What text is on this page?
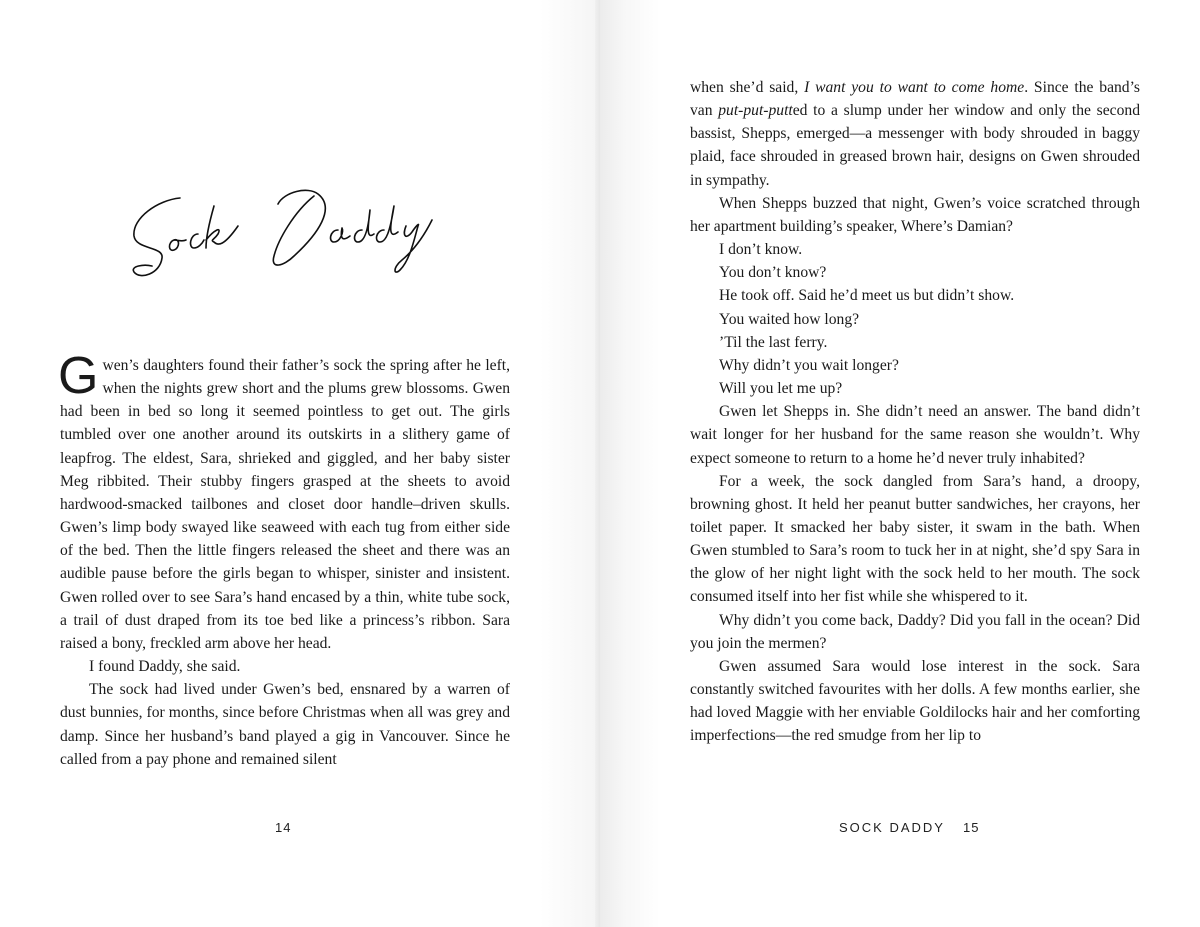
Gwen’s daughters found their father’s sock the spring after he left, when the nights grew short and the plums grew blossoms. Gwen had been in bed so long it seemed pointless to get out. The girls tumbled over one another around its outskirts in a slithery game of leapfrog. The eldest, Sara, shrieked and giggled, and her baby sister Meg ribbited. Their stubby fingers grasped at the sheets to avoid hardwood-smacked tailbones and closet door handle–driven skulls. Gwen’s limp body swayed like seaweed with each tug from either side of the bed. Then the little fingers released the sheet and there was an audible pause before the girls began to whisper, sinister and insistent. Gwen rolled over to see Sara’s hand encased by a thin, white tube sock, a trail of dust draped from its toe bed like a princess’s ribbon. Sara raised a bony, freckled arm above her head.

I found Daddy, she said.

The sock had lived under Gwen’s bed, ensnared by a warren of dust bunnies, for months, since before Christmas when all was grey and damp. Since her husband’s band played a gig in Vancouver. Since he called from a pay phone and remained silent

14

when she’d said, I want you to want to come home. Since the band’s van put-put-putted to a slump under her window and only the second bassist, Shepps, emerged—a messenger with body shrouded in baggy plaid, face shrouded in greased brown hair, designs on Gwen shrouded in sympathy.

When Shepps buzzed that night, Gwen’s voice scratched through her apartment building’s speaker, Where’s Damian?

I don’t know.

You don’t know?

He took off. Said he’d meet us but didn’t show.

You waited how long?

’Til the last ferry.

Why didn’t you wait longer?

Will you let me up?

Gwen let Shepps in. She didn’t need an answer. The band didn’t wait longer for her husband for the same reason she wouldn’t. Why expect someone to return to a home he’d never truly inhabited?

For a week, the sock dangled from Sara’s hand, a droopy, browning ghost. It held her peanut butter sandwiches, her crayons, her toilet paper. It smacked her baby sister, it swam in the bath. When Gwen stumbled to Sara’s room to tuck her in at night, she’d spy Sara in the glow of her night light with the sock held to her mouth. The sock consumed itself into her fist while she whispered to it.

Why didn’t you come back, Daddy? Did you fall in the ocean? Did you join the mermen?

Gwen assumed Sara would lose interest in the sock. Sara constantly switched favourites with her dolls. A few months earlier, she had loved Maggie with her enviable Goldilocks hair and her comforting imperfections—the red smudge from her lip to

SOCK DADDY 15
